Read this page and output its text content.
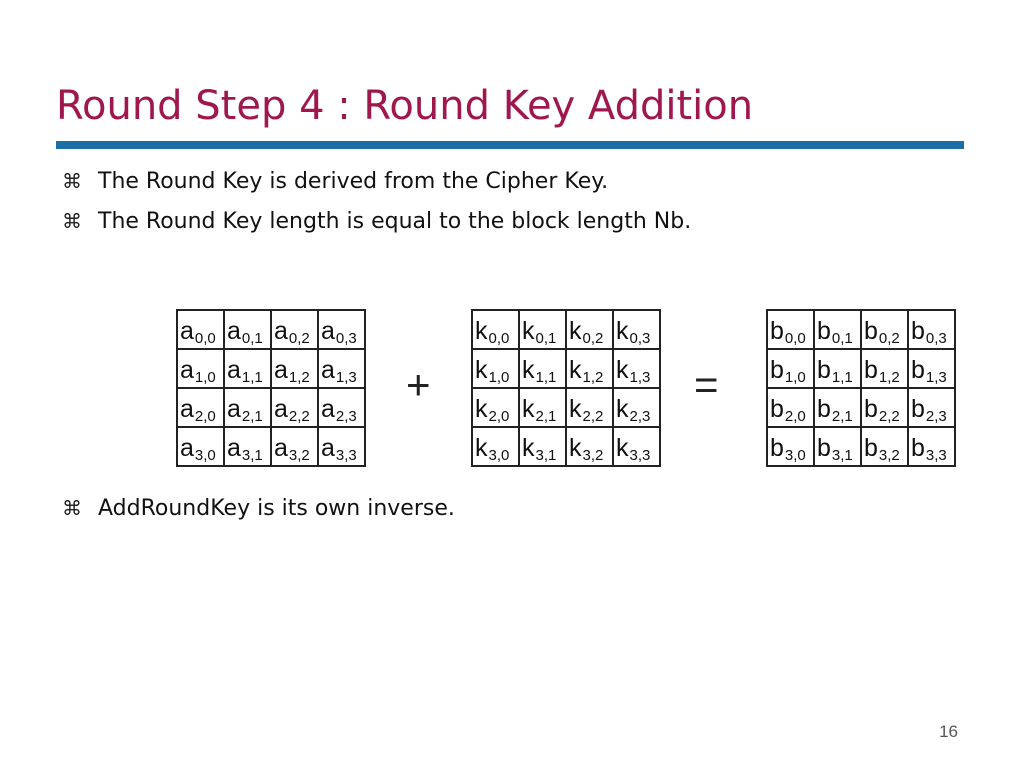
Round Step 4 : Round Key Addition
⌘ The Round Key is derived from the Cipher Key.
⌘ The Round Key length is equal to the block length Nb.
$a_{0,0}$ $a_{0,1}$ $a_{0,2}$ $a_{0,3}$
$a_{1,0}$ $a_{1,1}$ $a_{1,2}$ $a_{1,3}$
$a_{2,0}$ $a_{2,1}$ $a_{2,2}$ $a_{2,3}$
$a_{3,0}$ $a_{3,1}$ $a_{3,2}$ $a_{3,3}$
+
$k_{0,0}$ $k_{0,1}$ $k_{0,2}$ $k_{0,3}$
$k_{1,0}$ $k_{1,1}$ $k_{1,2}$ $k_{1,3}$
$k_{2,0}$ $k_{2,1}$ $k_{2,2}$ $k_{2,3}$
$k_{3,0}$ $k_{3,1}$ $k_{3,2}$ $k_{3,3}$
=
$b_{0,0}$ $b_{0,1}$ $b_{0,2}$ $b_{0,3}$
$b_{1,0}$ $b_{1,1}$ $b_{1,2}$ $b_{1,3}$
$b_{2,0}$ $b_{2,1}$ $b_{2,2}$ $b_{2,3}$
$b_{3,0}$ $b_{3,1}$ $b_{3,2}$ $b_{3,3}$
⌘ AddRoundKey is its own inverse.
16
